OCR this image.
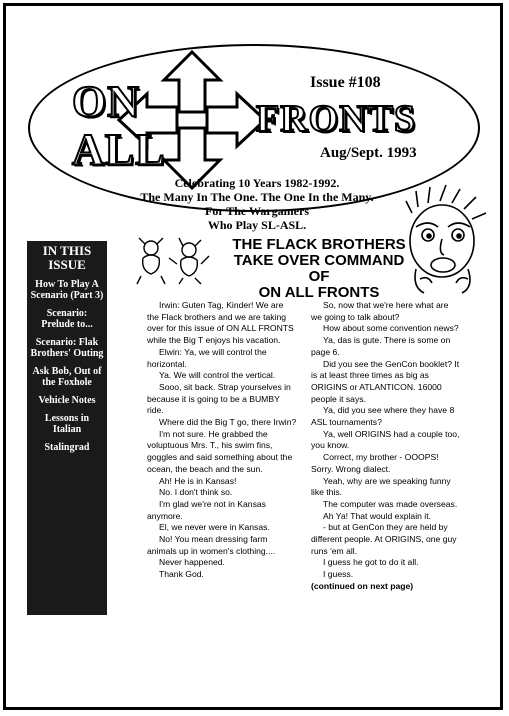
ON
ALL
FRONTS
Issue #108
Aug/Sept. 1993
Celebrating 10 Years 1982-1992.
The Many In The One. The One In the Many.
For The Wargamers
Who Play SL-ASL.
IN THIS
ISSUE
How To Play A Scenario (Part 3)
Scenario: Prelude to...
Scenario: Flak Brothers' Outing
Ask Bob, Out of the Foxhole
Vehicle Notes
Lessons in Italian
Stalingrad
THE FLACK BROTHERS
TAKE OVER COMMAND
OF
ON ALL FRONTS

Irwin: Guten Tag, Kinder! We are the Flack brothers and we are taking over for this issue of ON ALL FRONTS while the Big T enjoys his vacation.

Elwin: Ya, we will control the horizontal.

Ya. We will control the vertical.

Sooo, sit back. Strap yourselves in because it is going to be a BUMBY ride.

Where did the Big T go, there Irwin?

I'm not sure. He grabbed the voluptuous Mrs. T., his swim fins, goggles and said something about the ocean, the beach and the sun.

Ah! He is in Kansas!

No. I don't think so.

I'm glad we're not in Kansas anymore.

El, we never were in Kansas.

No! You mean dressing farm animals up in women's clothing....

Never happened.

Thank God.

So, now that we're here what are we going to talk about?

How about some convention news?

Ya, das is gute. There is some on page 6.

Did you see the GenCon booklet? It is at least three times as big as ORIGINS or ATLANTICON. 16000 people it says.

Ya, did you see where they have 8 ASL tournaments?

Ya, well ORIGINS had a couple too, you know.

Correct, my brother - OOOPS! Sorry. Wrong dialect.

Yeah, why are we speaking funny like this.

The computer was made overseas.

Ah Ya! That would explain it.

- but at GenCon they are held by different people. At ORIGINS, one guy runs 'em all.

I guess he got to do it all.

I guess.

(continued on next page)
